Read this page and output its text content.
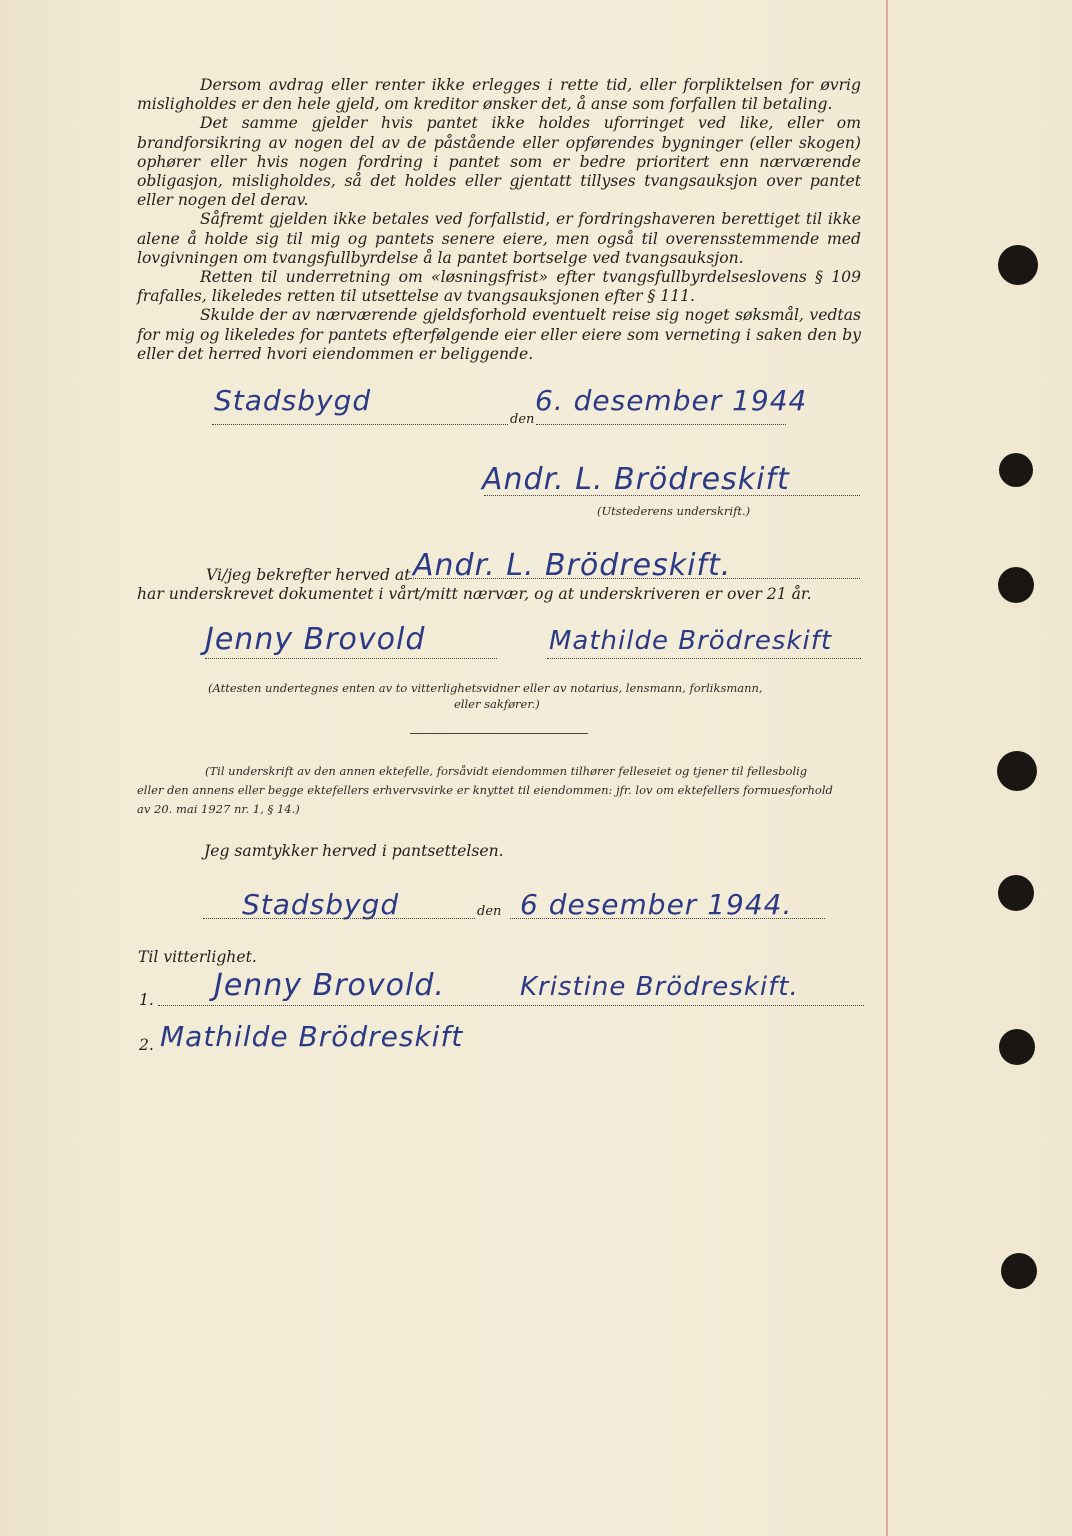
Dersom avdrag eller renter ikke erlegges i rette tid, eller forpliktelsen for øvrig misligholdes er den hele gjeld, om kreditor ønsker det, å anse som forfallen til betaling.

Det samme gjelder hvis pantet ikke holdes uforringet ved like, eller om brandforsikring av nogen del av de påstående eller opførendes bygninger (eller skogen) ophører eller hvis nogen fordring i pantet som er bedre prioritert enn nærværende obligasjon, misligholdes, så det holdes eller gjentatt tillyses tvangsauksjon over pantet eller nogen del derav.

Såfremt gjelden ikke betales ved forfallstid, er fordringshaveren berettiget til ikke alene å holde sig til mig og pantets senere eiere, men også til overensstemmende med lovgivningen om tvangsfullbyrdelse å la pantet bortselge ved tvangsauksjon.

Retten til underretning om «løsningsfrist» efter tvangsfullbyrdelseslovens § 109 frafalles, likeledes retten til utsettelse av tvangsauksjonen efter § 111.

Skulde der av nærværende gjeldsforhold eventuelt reise sig noget søksmål, vedtas for mig og likeledes for pantets efterfølgende eier eller eiere som verneting i saken den by eller det herred hvori eiendommen er beliggende.

Stadsbygd
den
6. desember 1944
Andr. L. Brödreskift
(Utstederens underskrift.)
Vi/jeg bekrefter herved at Andr. L. Brödreskift.
har underskrevet dokumentet i vårt/mitt nærvær, og at underskriveren er over 21 år.
Jenny Brovold	Mathilde Brödreskift
(Attesten undertegnes enten av to vitterlighetsvidner eller av notarius, lensmann, forliksmann,
eller sakfører.)
(Til underskrift av den annen ektefelle, forsåvidt eiendommen tilhører felleseiet og tjener til fellesbolig
eller den annens eller begge ektefellers erhvervsvirke er knyttet til eiendommen: jfr. lov om ektefellers formuesforhold
av 20. mai 1927 nr. 1, § 14.)
Jeg samtykker herved i pantsettelsen.
Stadsbygd	den 6 desember 1944.
Til vitterlighet.
1. Jenny Brovold.	Kristine Brödreskift.
2. Mathilde Brödreskift
